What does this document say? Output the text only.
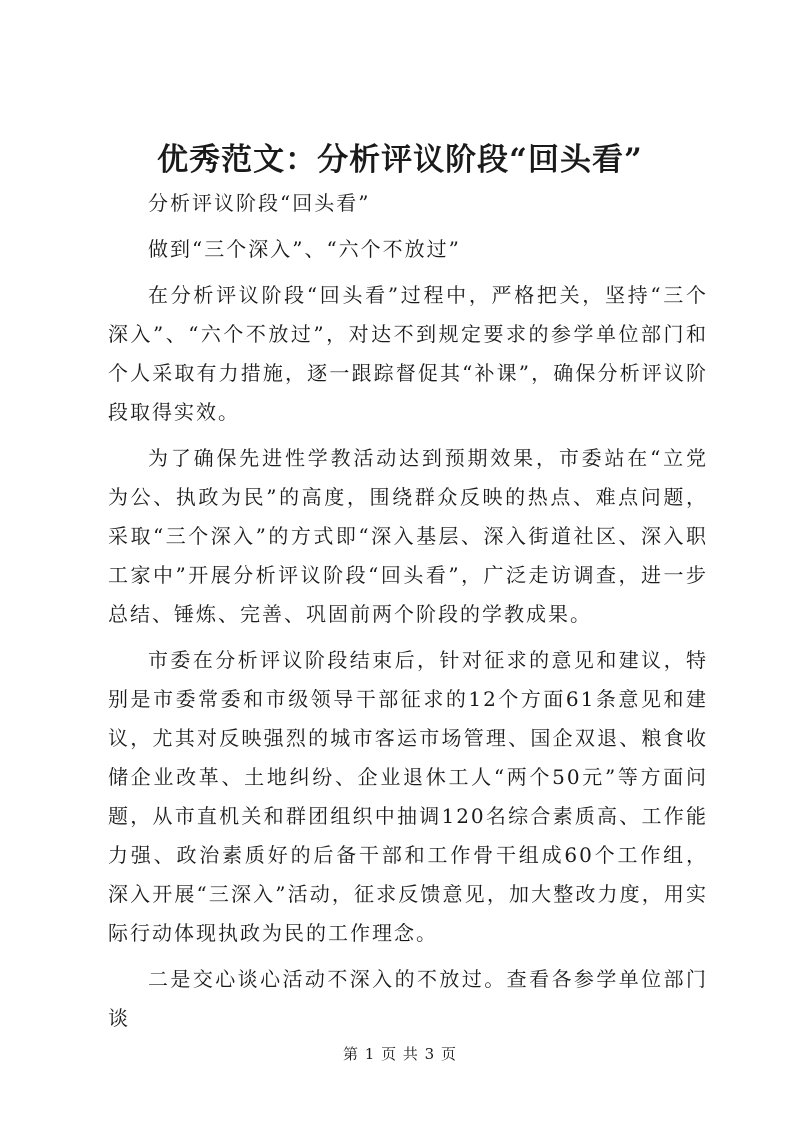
优秀范文：分析评议阶段“回头看”

分析评议阶段“回头看”

做到“三个深入”、“六个不放过”

在分析评议阶段“回头看”过程中，严格把关，坚持“三个深入”、“六个不放过”，对达不到规定要求的参学单位部门和个人采取有力措施，逐一跟踪督促其“补课”，确保分析评议阶段取得实效。

为了确保先进性学教活动达到预期效果，市委站在“立党为公、执政为民”的高度，围绕群众反映的热点、难点问题，采取“三个深入”的方式即“深入基层、深入街道社区、深入职工家中”开展分析评议阶段“回头看”，广泛走访调查，进一步总结、锤炼、完善、巩固前两个阶段的学教成果。

市委在分析评议阶段结束后，针对征求的意见和建议，特别是市委常委和市级领导干部征求的12个方面61条意见和建议，尤其对反映强烈的城市客运市场管理、国企双退、粮食收储企业改革、土地纠纷、企业退休工人“两个50元”等方面问题，从市直机关和群团组织中抽调120名综合素质高、工作能力强、政治素质好的后备干部和工作骨干组成60个工作组，深入开展“三深入”活动，征求反馈意见，加大整改力度，用实际行动体现执政为民的工作理念。

二是交心谈心活动不深入的不放过。查看各参学单位部门谈

第 1 页 共 3 页
